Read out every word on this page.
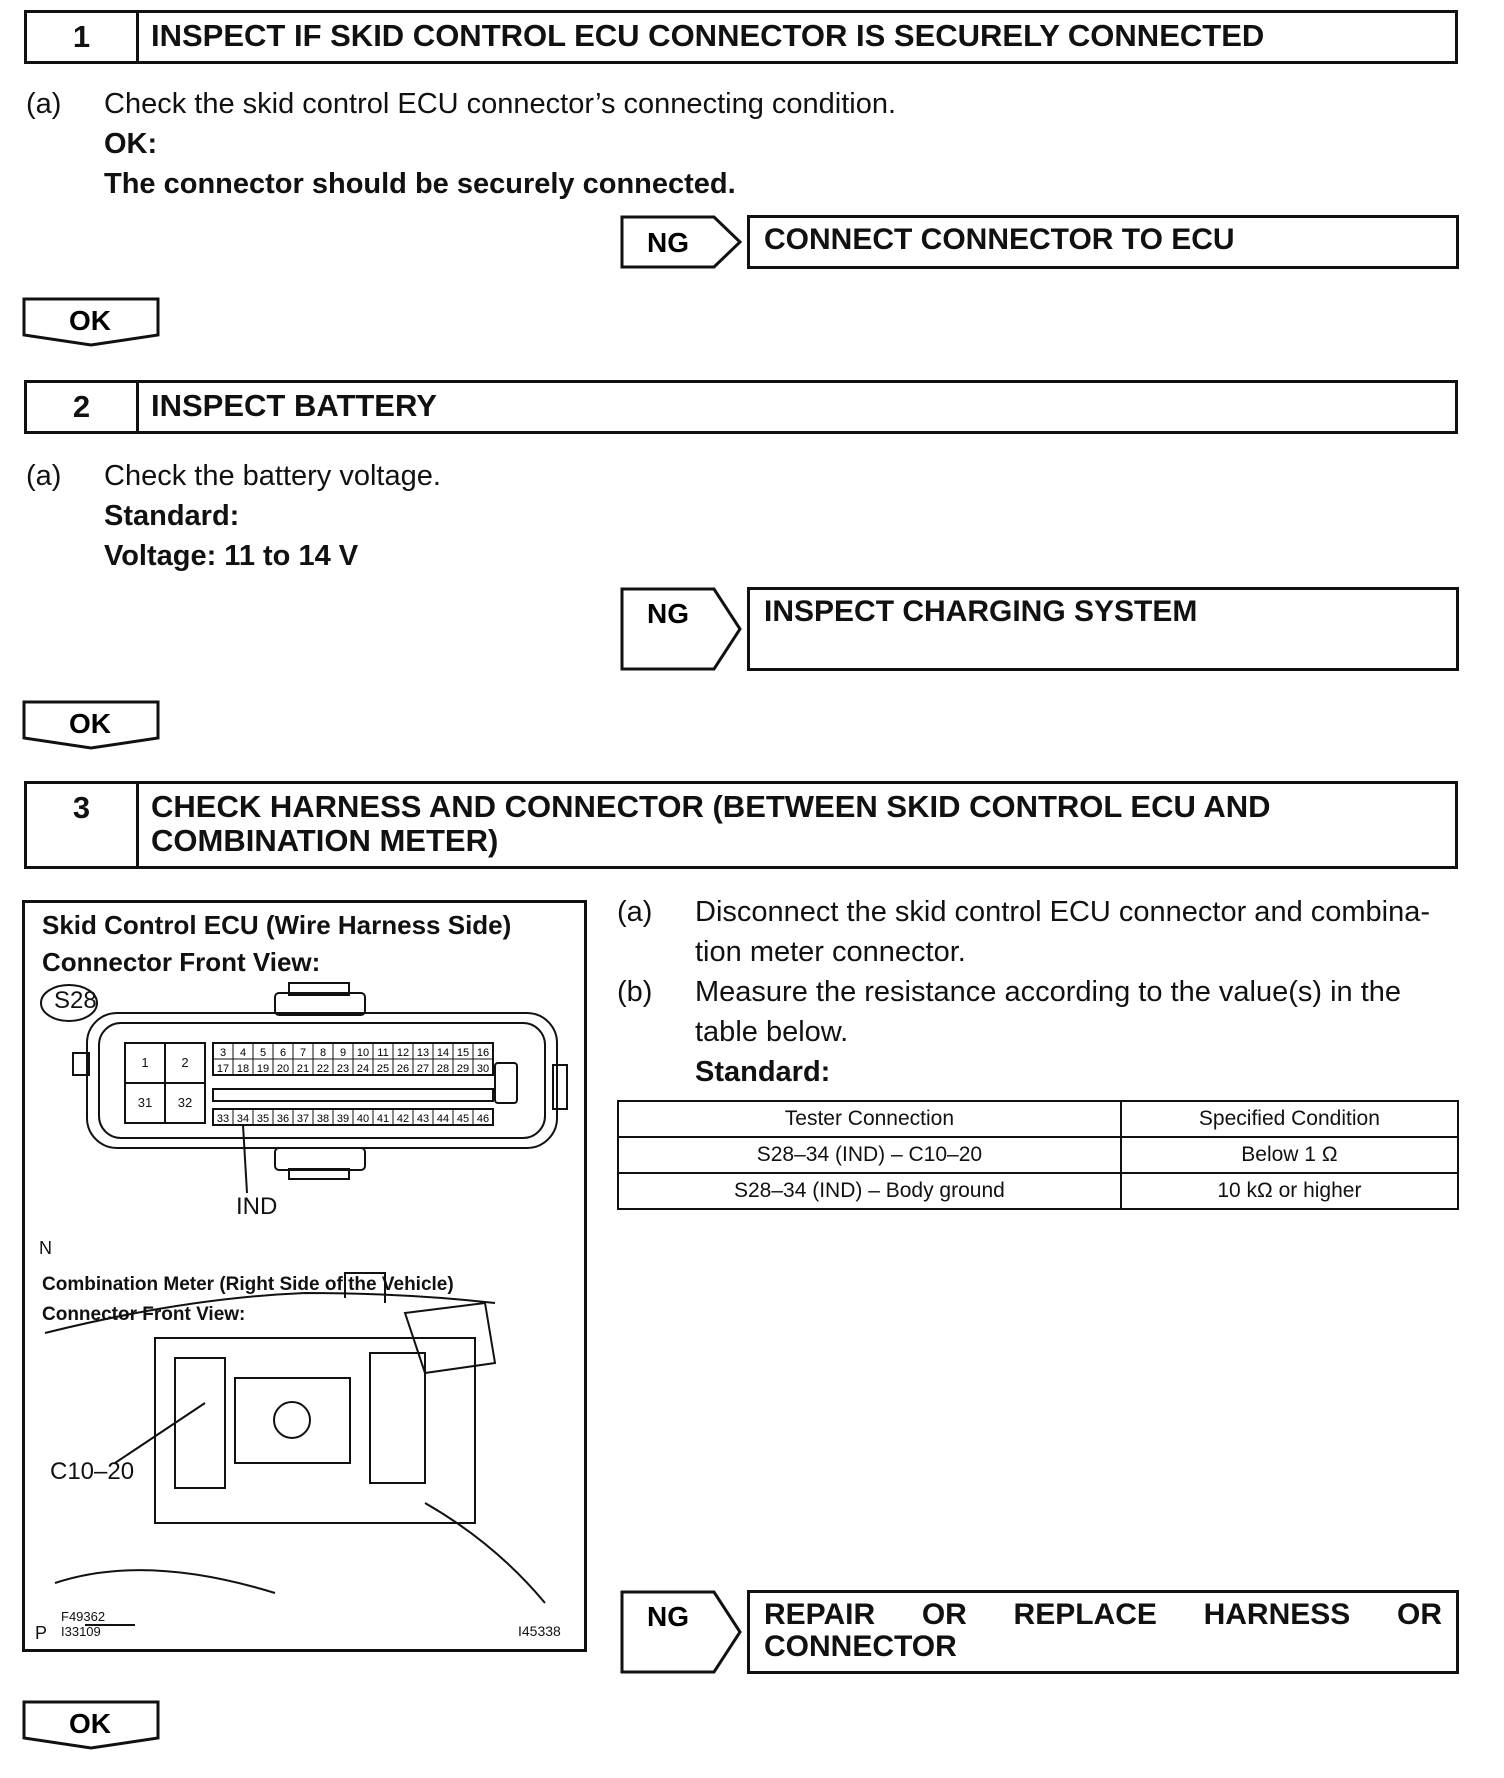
1	INSPECT IF SKID CONTROL ECU CONNECTOR IS SECURELY CONNECTED
(a) Check the skid control ECU connector’s connecting condition.
OK:
The connector should be securely connected.
NG	CONNECT CONNECTOR TO ECU
OK
2	INSPECT BATTERY
(a) Check the battery voltage.
Standard:
Voltage: 11 to 14 V
NG	INSPECT CHARGING SYSTEM
OK
3	CHECK HARNESS AND CONNECTOR (BETWEEN SKID CONTROL ECU AND
COMBINATION METER)
(a) Disconnect the skid control ECU connector and combina-
tion meter connector.
(b) Measure the resistance according to the value(s) in the
table below.
Standard:
Tester Connection	Specified Condition
S28–34 (IND) – C10–20	Below 1 Ω
S28–34 (IND) – Body ground	10 kΩ or higher
Skid Control ECU (Wire Harness Side)
Connector Front View:
3 4 5 6 7 8 9 10 11 12 13 14 15 16
17 18 19 20 21 22 23 24 25 26 27 28 29 30
33 34 35 36 37 38 39 40 41 42 43 44 45 46
S28
1	2
31	32
IND
N
Combination Meter (Right Side of the Vehicle)
Connector Front View:
C10–20
P
F49362
I33109	I45338	NG	REPAIR OR REPLACE HARNESS OR
CONNECTOR
OK
